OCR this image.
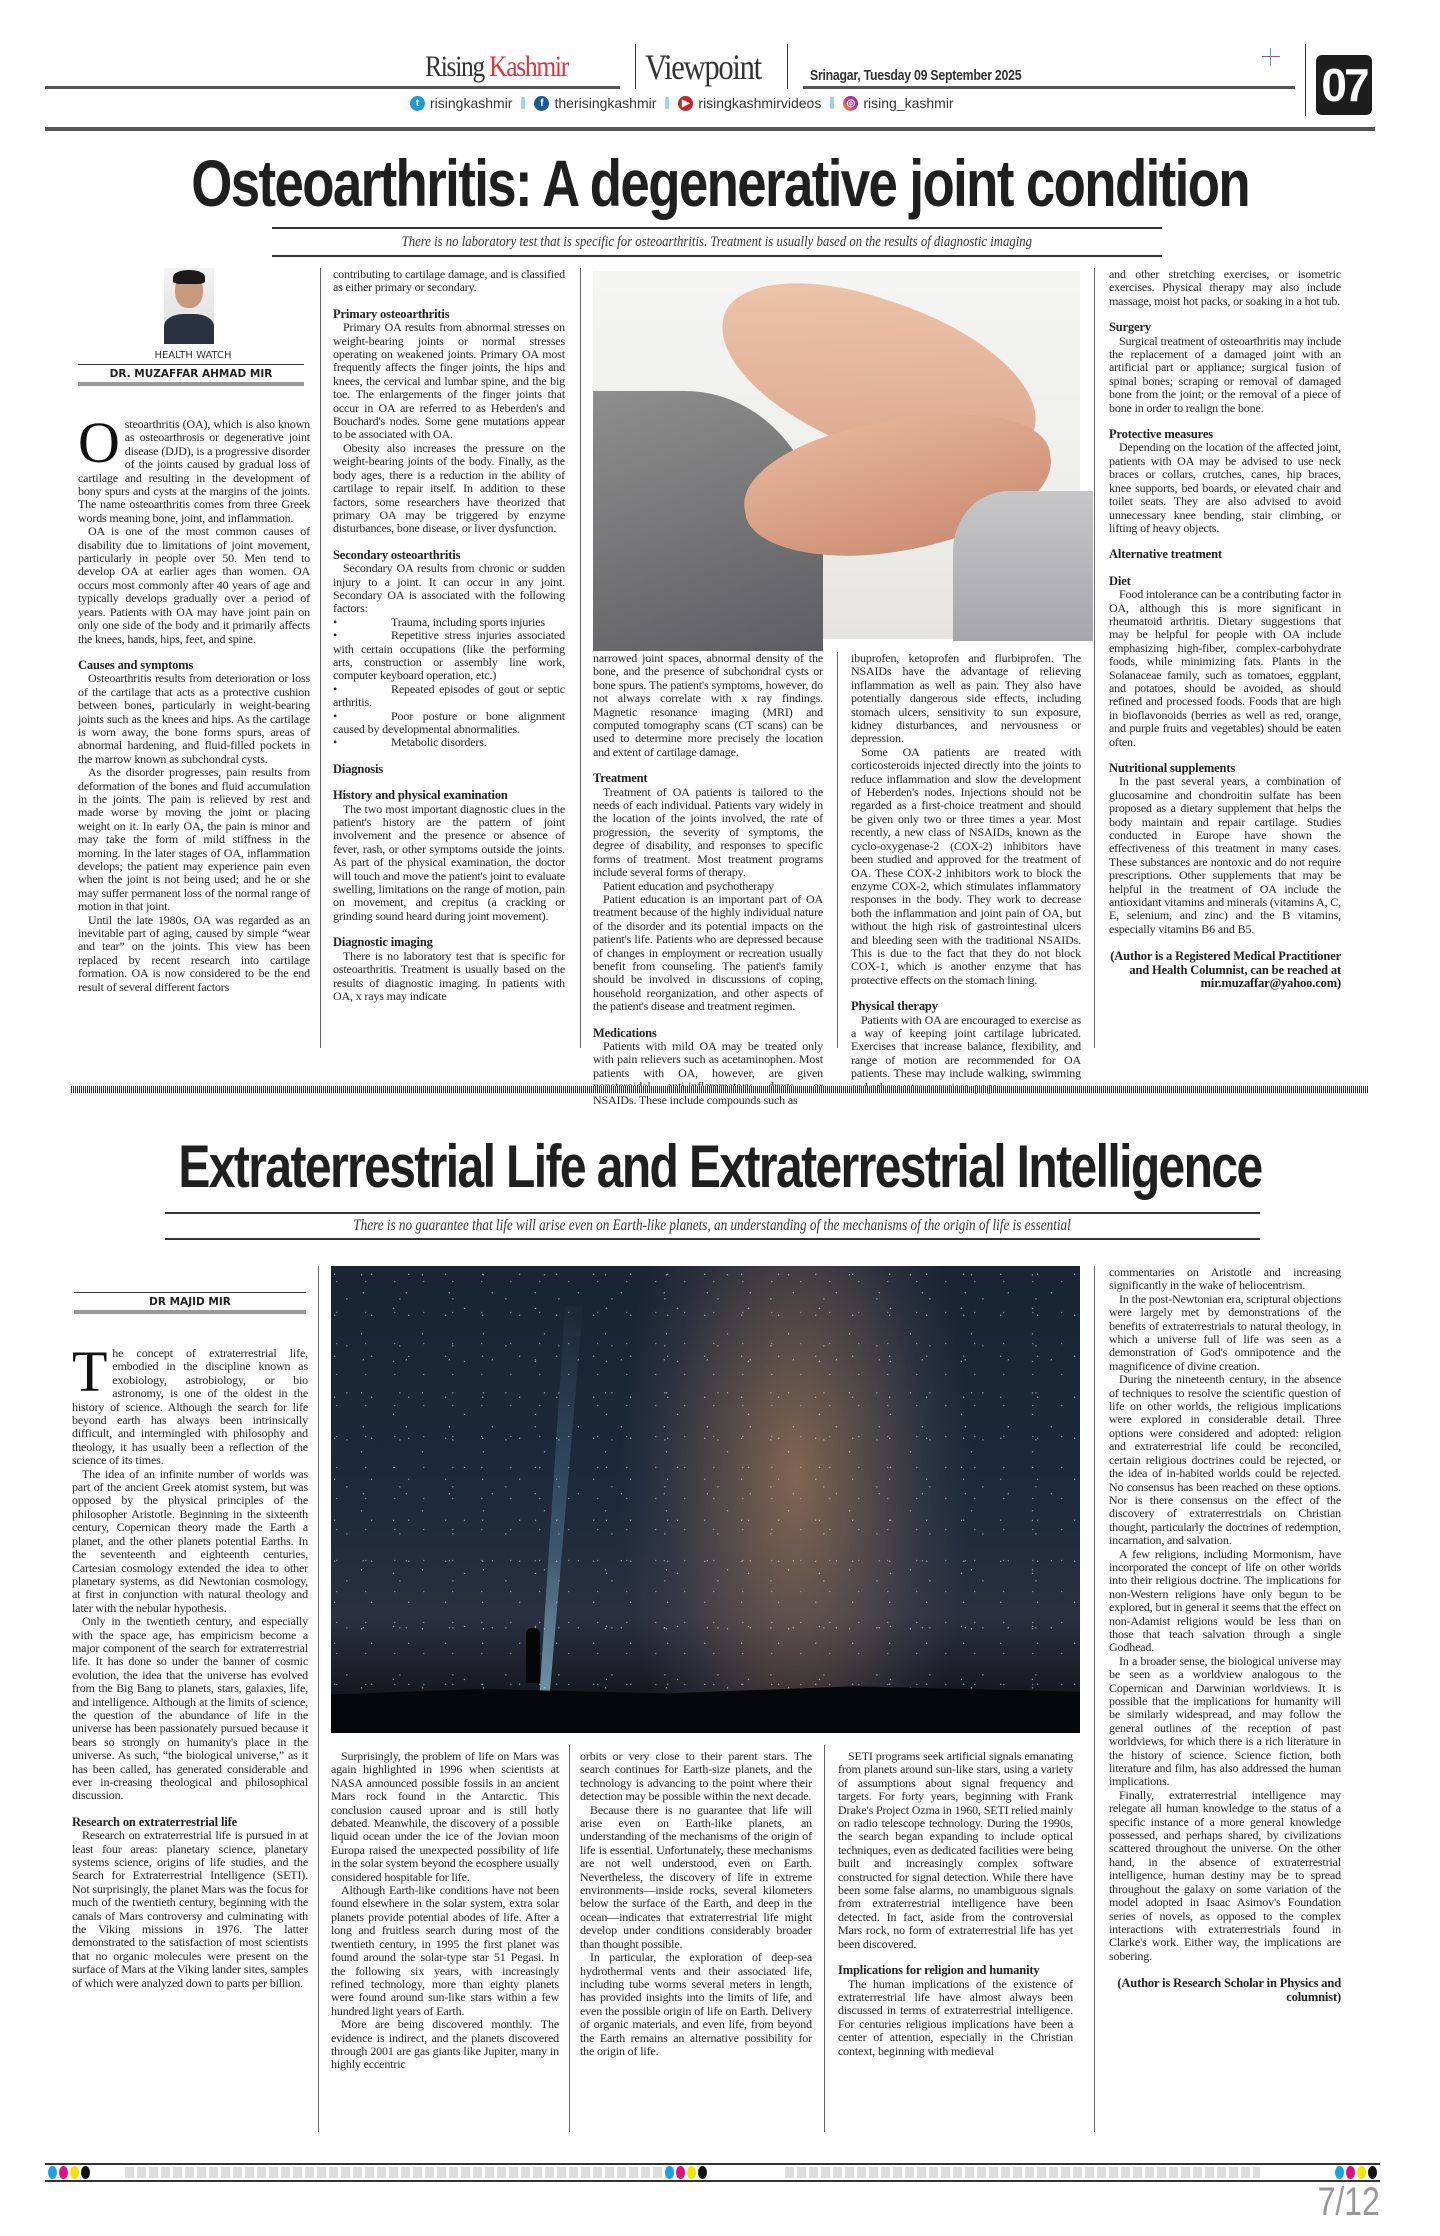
Rising Kashmir Viewpoint	Srinagar, Tuesday 09 September 2025	07
t risingkashmir	f therisingkashmir	▶ risingkashmirvideos	◎ rising_kashmir
Osteoarthritis: A degenerative joint condition
There is no laboratory test that is specific for osteoarthritis. Treatment is usually based on the results of diagnostic imaging
HEALTH WATCH
DR. MUZAFFAR AHMAD MIR
Osteoarthritis (OA), which is also known as osteoarthrosis or degenerative joint disease (DJD), is a progressive disorder of the joints caused by gradual loss of cartilage and resulting in the development of bony spurs and cysts at the margins of the joints. The name osteoarthritis comes from three Greek words meaning bone, joint, and inflammation.
OA is one of the most common causes of disability due to limitations of joint movement, particularly in people over 50. Men tend to develop OA at earlier ages than women. OA occurs most commonly after 40 years of age and typically develops gradually over a period of years. Patients with OA may have joint pain on only one side of the body and it primarily affects the knees, hands, hips, feet, and spine.
Causes and symptoms
Osteoarthritis results from deterioration or loss of the cartilage that acts as a protective cushion between bones, particularly in weight-bearing joints such as the knees and hips. As the cartilage is worn away, the bone forms spurs, areas of abnormal hardening, and fluid-filled pockets in the marrow known as subchondral cysts.
As the disorder progresses, pain results from deformation of the bones and fluid accumulation in the joints. The pain is relieved by rest and made worse by moving the joint or placing weight on it. In early OA, the pain is minor and may take the form of mild stiffness in the morning. In the later stages of OA, inflammation develops; the patient may experience pain even when the joint is not being used; and he or she may suffer permanent loss of the normal range of motion in that joint.
Until the late 1980s, OA was regarded as an inevitable part of aging, caused by simple “wear and tear” on the joints. This view has been replaced by recent research into cartilage formation. OA is now considered to be the end result of several different factors
contributing to cartilage damage, and is classified as either primary or secondary.
Primary osteoarthritis
Primary OA results from abnormal stresses on weight-bearing joints or normal stresses operating on weakened joints. Primary OA most frequently affects the finger joints, the hips and knees, the cervical and lumbar spine, and the big toe. The enlargements of the finger joints that occur in OA are referred to as Heberden's and Bouchard's nodes. Some gene mutations appear to be associated with OA.
Obesity also increases the pressure on the weight-bearing joints of the body. Finally, as the body ages, there is a reduction in the ability of cartilage to repair itself. In addition to these factors, some researchers have theorized that primary OA may be triggered by enzyme disturbances, bone disease, or liver dysfunction.
Secondary osteoarthritis
Secondary OA results from chronic or sudden injury to a joint. It can occur in any joint. Secondary OA is associated with the following factors:
•	Trauma, including sports injuries
•	Repetitive stress injuries associated with certain occupations (like the performing arts, construction or assembly line work, computer keyboard operation, etc.)
•	Repeated episodes of gout or septic arthritis.
•	Poor posture or bone alignment caused by developmental abnormalities.
•	Metabolic disorders.
Diagnosis
History and physical examination
The two most important diagnostic clues in the patient's history are the pattern of joint involvement and the presence or absence of fever, rash, or other symptoms outside the joints. As part of the physical examination, the doctor will touch and move the patient's joint to evaluate swelling, limitations on the range of motion, pain on movement, and crepitus (a cracking or grinding sound heard during joint movement).
Diagnostic imaging
There is no laboratory test that is specific for osteoarthritis. Treatment is usually based on the results of diagnostic imaging. In patients with OA, x rays may indicate
narrowed joint spaces, abnormal density of the bone, and the presence of subchondral cysts or bone spurs. The patient's symptoms, however, do not always correlate with x ray findings. Magnetic resonance imaging (MRI) and computed tomography scans (CT scans) can be used to determine more precisely the location and extent of cartilage damage.
Treatment
Treatment of OA patients is tailored to the needs of each individual. Patients vary widely in the location of the joints involved, the rate of progression, the severity of symptoms, the degree of disability, and responses to specific forms of treatment. Most treatment programs include several forms of therapy.
Patient education and psychotherapy
Patient education is an important part of OA treatment because of the highly individual nature of the disorder and its potential impacts on the patient's life. Patients who are depressed because of changes in employment or recreation usually benefit from counseling. The patient's family should be involved in discussions of coping, household reorganization, and other aspects of the patient's disease and treatment regimen.
Medications
Patients with mild OA may be treated only with pain relievers such as acetaminophen. Most patients with OA, however, are given NSAIDs. These include compounds such as
ibuprofen, ketoprofen and flurbiprofen. The NSAIDs have the advantage of relieving inflammation as well as pain. They also have potentially dangerous side effects, including stomach ulcers, sensitivity to sun exposure, kidney disturbances, and nervousness or depression.
Some OA patients are treated with corticosteroids injected directly into the joints to reduce inflammation and slow the development of Heberden's nodes. Injections should not be regarded as a first-choice treatment and should be given only two or three times a year. Most recently, a new class of NSAIDs, known as the cyclo-oxygenase-2 (COX-2) inhibitors have been studied and approved for the treatment of OA. These COX-2 inhibitors work to block the enzyme COX-2, which stimulates inflammatory responses in the body. They work to decrease both the inflammation and joint pain of OA, but without the high risk of gastrointestinal ulcers and bleeding seen with the traditional NSAIDs. This is due to the fact that they do not block COX-1, which is another enzyme that has protective effects on the stomach lining.
Physical therapy
Patients with OA are encouraged to exercise as a way of keeping joint cartilage lubricated. Exercises that increase balance, flexibility, and range of motion are recommended for OA patients. These may include walking, swimming
and other stretching exercises, or isometric exercises. Physical therapy may also include massage, moist hot packs, or soaking in a hot tub.
Surgery
Surgical treatment of osteoarthritis may include the replacement of a damaged joint with an artificial part or appliance; surgical fusion of spinal bones; scraping or removal of damaged bone from the joint; or the removal of a piece of bone in order to realign the bone.
Protective measures
Depending on the location of the affected joint, patients with OA may be advised to use neck braces or collars, crutches, canes, hip braces, knee supports, bed boards, or elevated chair and toilet seats. They are also advised to avoid unnecessary knee bending, stair climbing, or lifting of heavy objects.
Alternative treatment
Diet
Food intolerance can be a contributing factor in OA, although this is more significant in rheumatoid arthritis. Dietary suggestions that may be helpful for people with OA include emphasizing high-fiber, complex-carbohydrate foods, while minimizing fats. Plants in the Solanaceae family, such as tomatoes, eggplant, and potatoes, should be avoided, as should refined and processed foods. Foods that are high in bioflavonoids (berries as well as red, orange, and purple fruits and vegetables) should be eaten often.
Nutritional supplements
In the past several years, a combination of glucosamine and chondroitin sulfate has been proposed as a dietary supplement that helps the body maintain and repair cartilage. Studies conducted in Europe have shown the effectiveness of this treatment in many cases. These substances are nontoxic and do not require prescriptions. Other supplements that may be helpful in the treatment of OA include the antioxidant vitamins and minerals (vitamins A, C, E, selenium, and zinc) and the B vitamins, especially vitamins B6 and B5.
(Author is a Registered Medical Practitioner and Health Columnist, can be reached at mir.muzaffar@yahoo.com)
Extraterrestrial Life and Extraterrestrial Intelligence
There is no guarantee that life will arise even on Earth-like planets, an understanding of the mechanisms of the origin of life is essential
DR MAJID MIR
The concept of extraterrestrial life, embodied in the discipline known as exobiology, astrobiology, or bio astronomy, is one of the oldest in the history of science. Although the search for life beyond earth has always been intrinsically difficult, and intermingled with philosophy and theology, it has usually been a reflection of the science of its times.
The idea of an infinite number of worlds was part of the ancient Greek atomist system, but was opposed by the physical principles of the philosopher Aristotle. Beginning in the sixteenth century, Copernican theory made the Earth a planet, and the other planets potential Earths. In the seventeenth and eighteenth centuries, Cartesian cosmology extended the idea to other planetary systems, as did Newtonian cosmology, at first in conjunction with natural theology and later with the nebular hypothesis.
Only in the twentieth century, and especially with the space age, has empiricism become a major component of the search for extraterrestrial life. It has done so under the banner of cosmic evolution, the idea that the universe has evolved from the Big Bang to planets, stars, galaxies, life, and intelligence. Although at the limits of science, the question of the abundance of life in the universe has been passionately pursued because it bears so strongly on humanity's place in the universe. As such, “the biological universe,” as it has been called, has generated considerable and ever in-creasing theological and philosophical discussion.
Research on extraterrestrial life
Research on extraterrestrial life is pursued in at least four areas: planetary science, planetary systems science, origins of life studies, and the Search for Extraterrestrial Intelligence (SETI). Not surprisingly, the planet Mars was the focus for much of the twentieth century, beginning with the canals of Mars controversy and culminating with the Viking missions in 1976. The latter demonstrated to the satisfaction of most scientists that no organic molecules were present on the surface of Mars at the Viking lander sites, samples of which were analyzed down to parts per billion.
Surprisingly, the problem of life on Mars was again highlighted in 1996 when scientists at NASA announced possible fossils in an ancient Mars rock found in the Antarctic. This conclusion caused uproar and is still hotly debated. Meanwhile, the discovery of a possible liquid ocean under the ice of the Jovian moon Europa raised the unexpected possibility of life in the solar system beyond the ecosphere usually considered hospitable for life.
Although Earth-like conditions have not been found elsewhere in the solar system, extra solar planets provide potential abodes of life. After a long and fruitless search during most of the twentieth century, in 1995 the first planet was found around the solar-type star 51 Pegasi. In the following six years, with increasingly refined technology, more than eighty planets were found around sun-like stars within a few hundred light years of Earth.
More are being discovered monthly. The evidence is indirect, and the planets discovered through 2001 are gas giants like Jupiter, many in highly eccentric
orbits or very close to their parent stars. The search continues for Earth-size planets, and the technology is advancing to the point where their detection may be possible within the next decade.
Because there is no guarantee that life will arise even on Earth-like planets, an understanding of the mechanisms of the origin of life is essential. Unfortunately, these mechanisms are not well understood, even on Earth. Nevertheless, the discovery of life in extreme environments—inside rocks, several kilometers below the surface of the Earth, and deep in the ocean—indicates that extraterrestrial life might develop under conditions considerably broader than thought possible.
In particular, the exploration of deep-sea hydrothermal vents and their associated life, including tube worms several meters in length, has provided insights into the limits of life, and even the possible origin of life on Earth. Delivery of organic materials, and even life, from beyond the Earth remains an alternative possibility for the origin of life.
SETI programs seek artificial signals emanating from planets around sun-like stars, using a variety of assumptions about signal frequency and targets. For forty years, beginning with Frank Drake's Project Ozma in 1960, SETI relied mainly on radio telescope technology. During the 1990s, the search began expanding to include optical techniques, even as dedicated facilities were being built and increasingly complex software constructed for signal detection. While there have been some false alarms, no unambiguous signals from extraterrestrial intelligence have been detected. In fact, aside from the controversial Mars rock, no form of extraterrestrial life has yet been discovered.
Implications for religion and humanity
The human implications of the existence of extraterrestrial life have almost always been discussed in terms of extraterrestrial intelligence. For centuries religious implications have been a center of attention, especially in the Christian context, beginning with medieval
commentaries on Aristotle and increasing significantly in the wake of heliocentrism.
In the post-Newtonian era, scriptural objections were largely met by demonstrations of the benefits of extraterrestrials to natural theology, in which a universe full of life was seen as a demonstration of God's omnipotence and the magnificence of divine creation.
During the nineteenth century, in the absence of techniques to resolve the scientific question of life on other worlds, the religious implications were explored in considerable detail. Three options were considered and adopted: religion and extraterrestrial life could be reconciled, certain religious doctrines could be rejected, or the idea of in-habited worlds could be rejected. No consensus has been reached on these options. Nor is there consensus on the effect of the discovery of extraterrestrials on Christian thought, particularly the doctrines of redemption, incarnation, and salvation.
A few religions, including Mormonism, have incorporated the concept of life on other worlds into their religious doctrine. The implications for non-Western religions have only begun to be explored, but in general it seems that the effect on non-Adamist religions would be less than on those that teach salvation through a single Godhead.
In a broader sense, the biological universe may be seen as a worldview analogous to the Copernican and Darwinian worldviews. It is possible that the implications for humanity will be similarly widespread, and may follow the general outlines of the reception of past worldviews, for which there is a rich literature in the history of science. Science fiction, both literature and film, has also addressed the human implications.
Finally, extraterrestrial intelligence may relegate all human knowledge to the status of a specific instance of a more general knowledge possessed, and perhaps shared, by civilizations scattered throughout the universe. On the other hand, in the absence of extraterrestrial intelligence, human destiny may be to spread throughout the galaxy on some variation of the model adopted in Isaac Asimov's Foundation series of novels, as opposed to the complex interactions with extraterrestrials found in Clarke's work. Either way, the implications are sobering.
(Author is Research Scholar in Physics and columnist)
7/12
